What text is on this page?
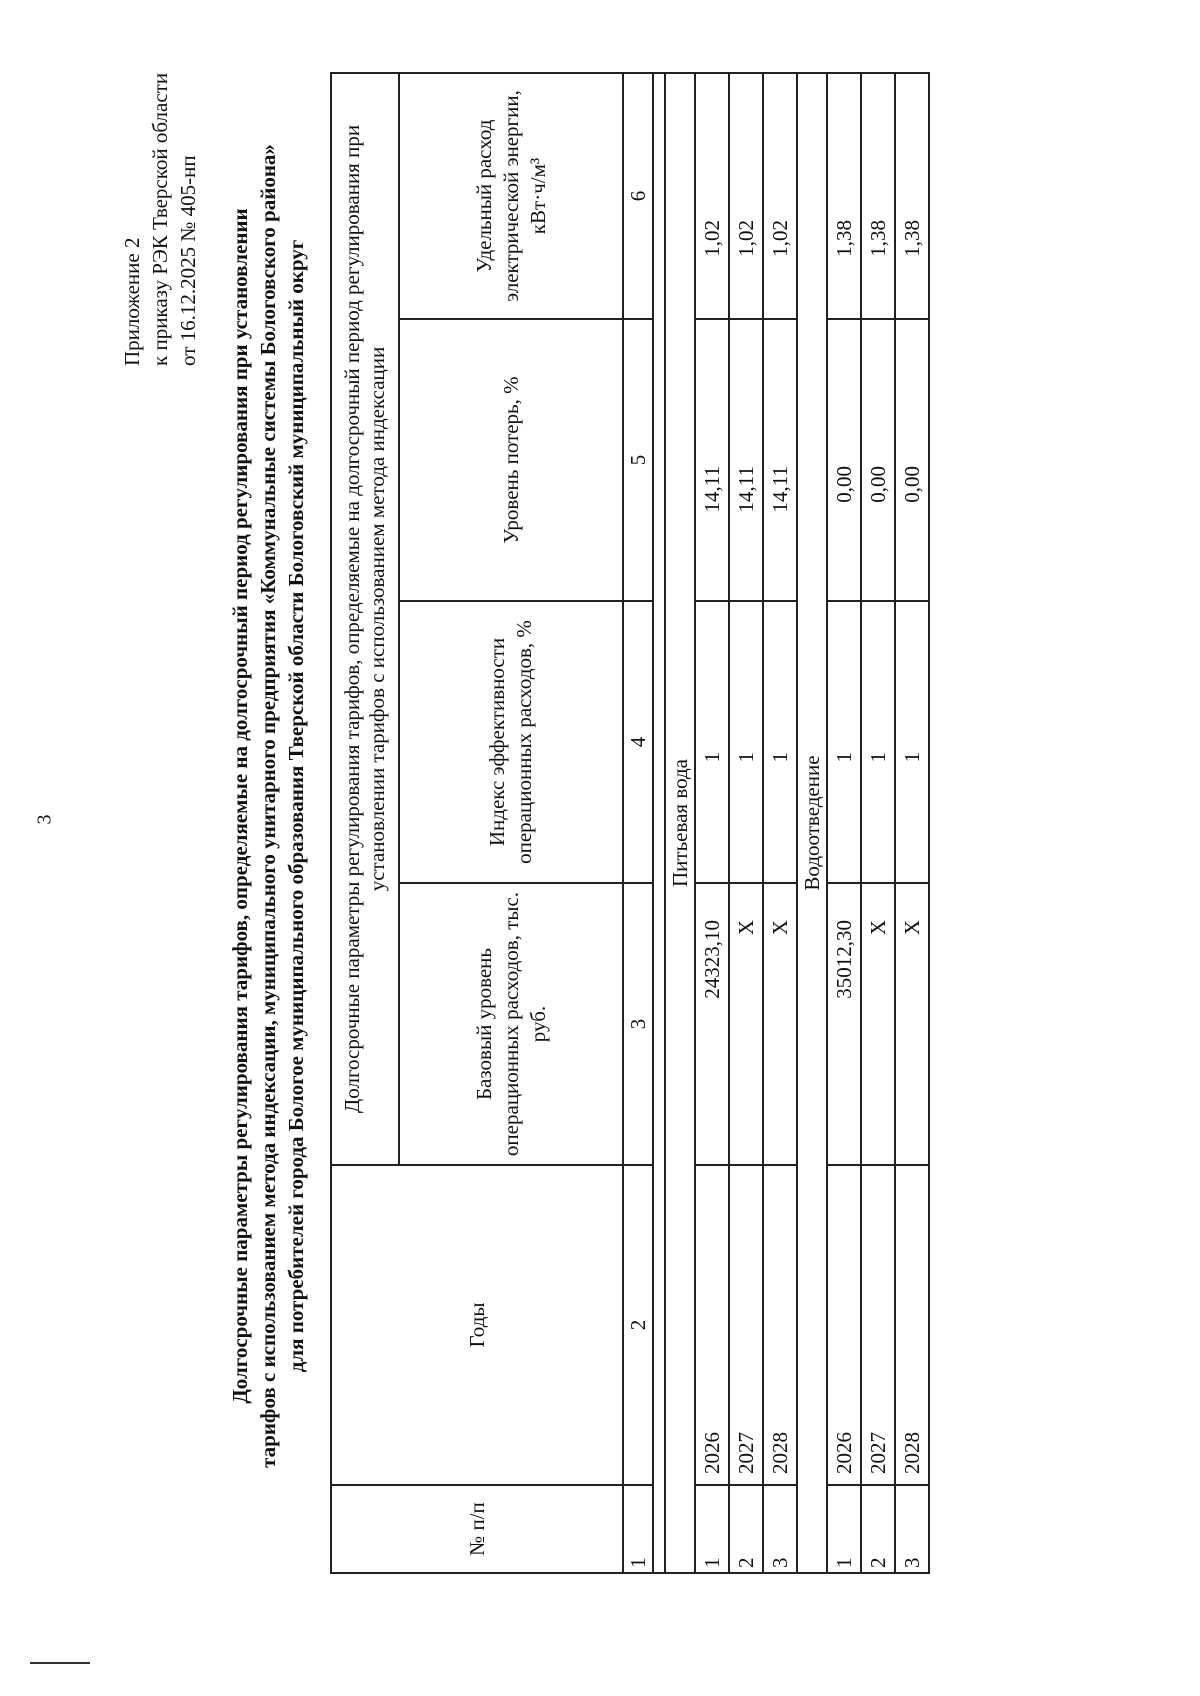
3
Приложение 2 к приказу РЭК Тверской области от 16.12.2025 № 405-нп Долгосрочные параметры регулирования тарифов, определяемые на долгосрочный период регулирования при установлении тарифов с использованием метода индексации, муниципального унитарного предприятия «Коммунальные системы Бологовского района» для потребителей города Бологое муниципального образования Тверской области Бологовский муниципальный округ
№ п/п	Годы	Долгосрочные параметры регулирования тарифов, определяемые на долгосрочный период регулирования при установлении тарифов с использованием метода индексации			
		Базовый уровень операционных расходов, тыс. руб.	Индекс эффективности операционных расходов, %	Уровень потерь, %	Удельный расход электрической энергии, кВт·ч/м³
1	2	3	4	5	6

Питьевая вода					
1	2026	24323,10	1	14,11	1,02
2	2027	Х	1	14,11	1,02
3	2028	Х	1	14,11	1,02
Водоотведение					
1	2026	35012,30	1	0,00	1,38
2	2027	Х	1	0,00	1,38
3	2028	Х	1	0,00	1,38
